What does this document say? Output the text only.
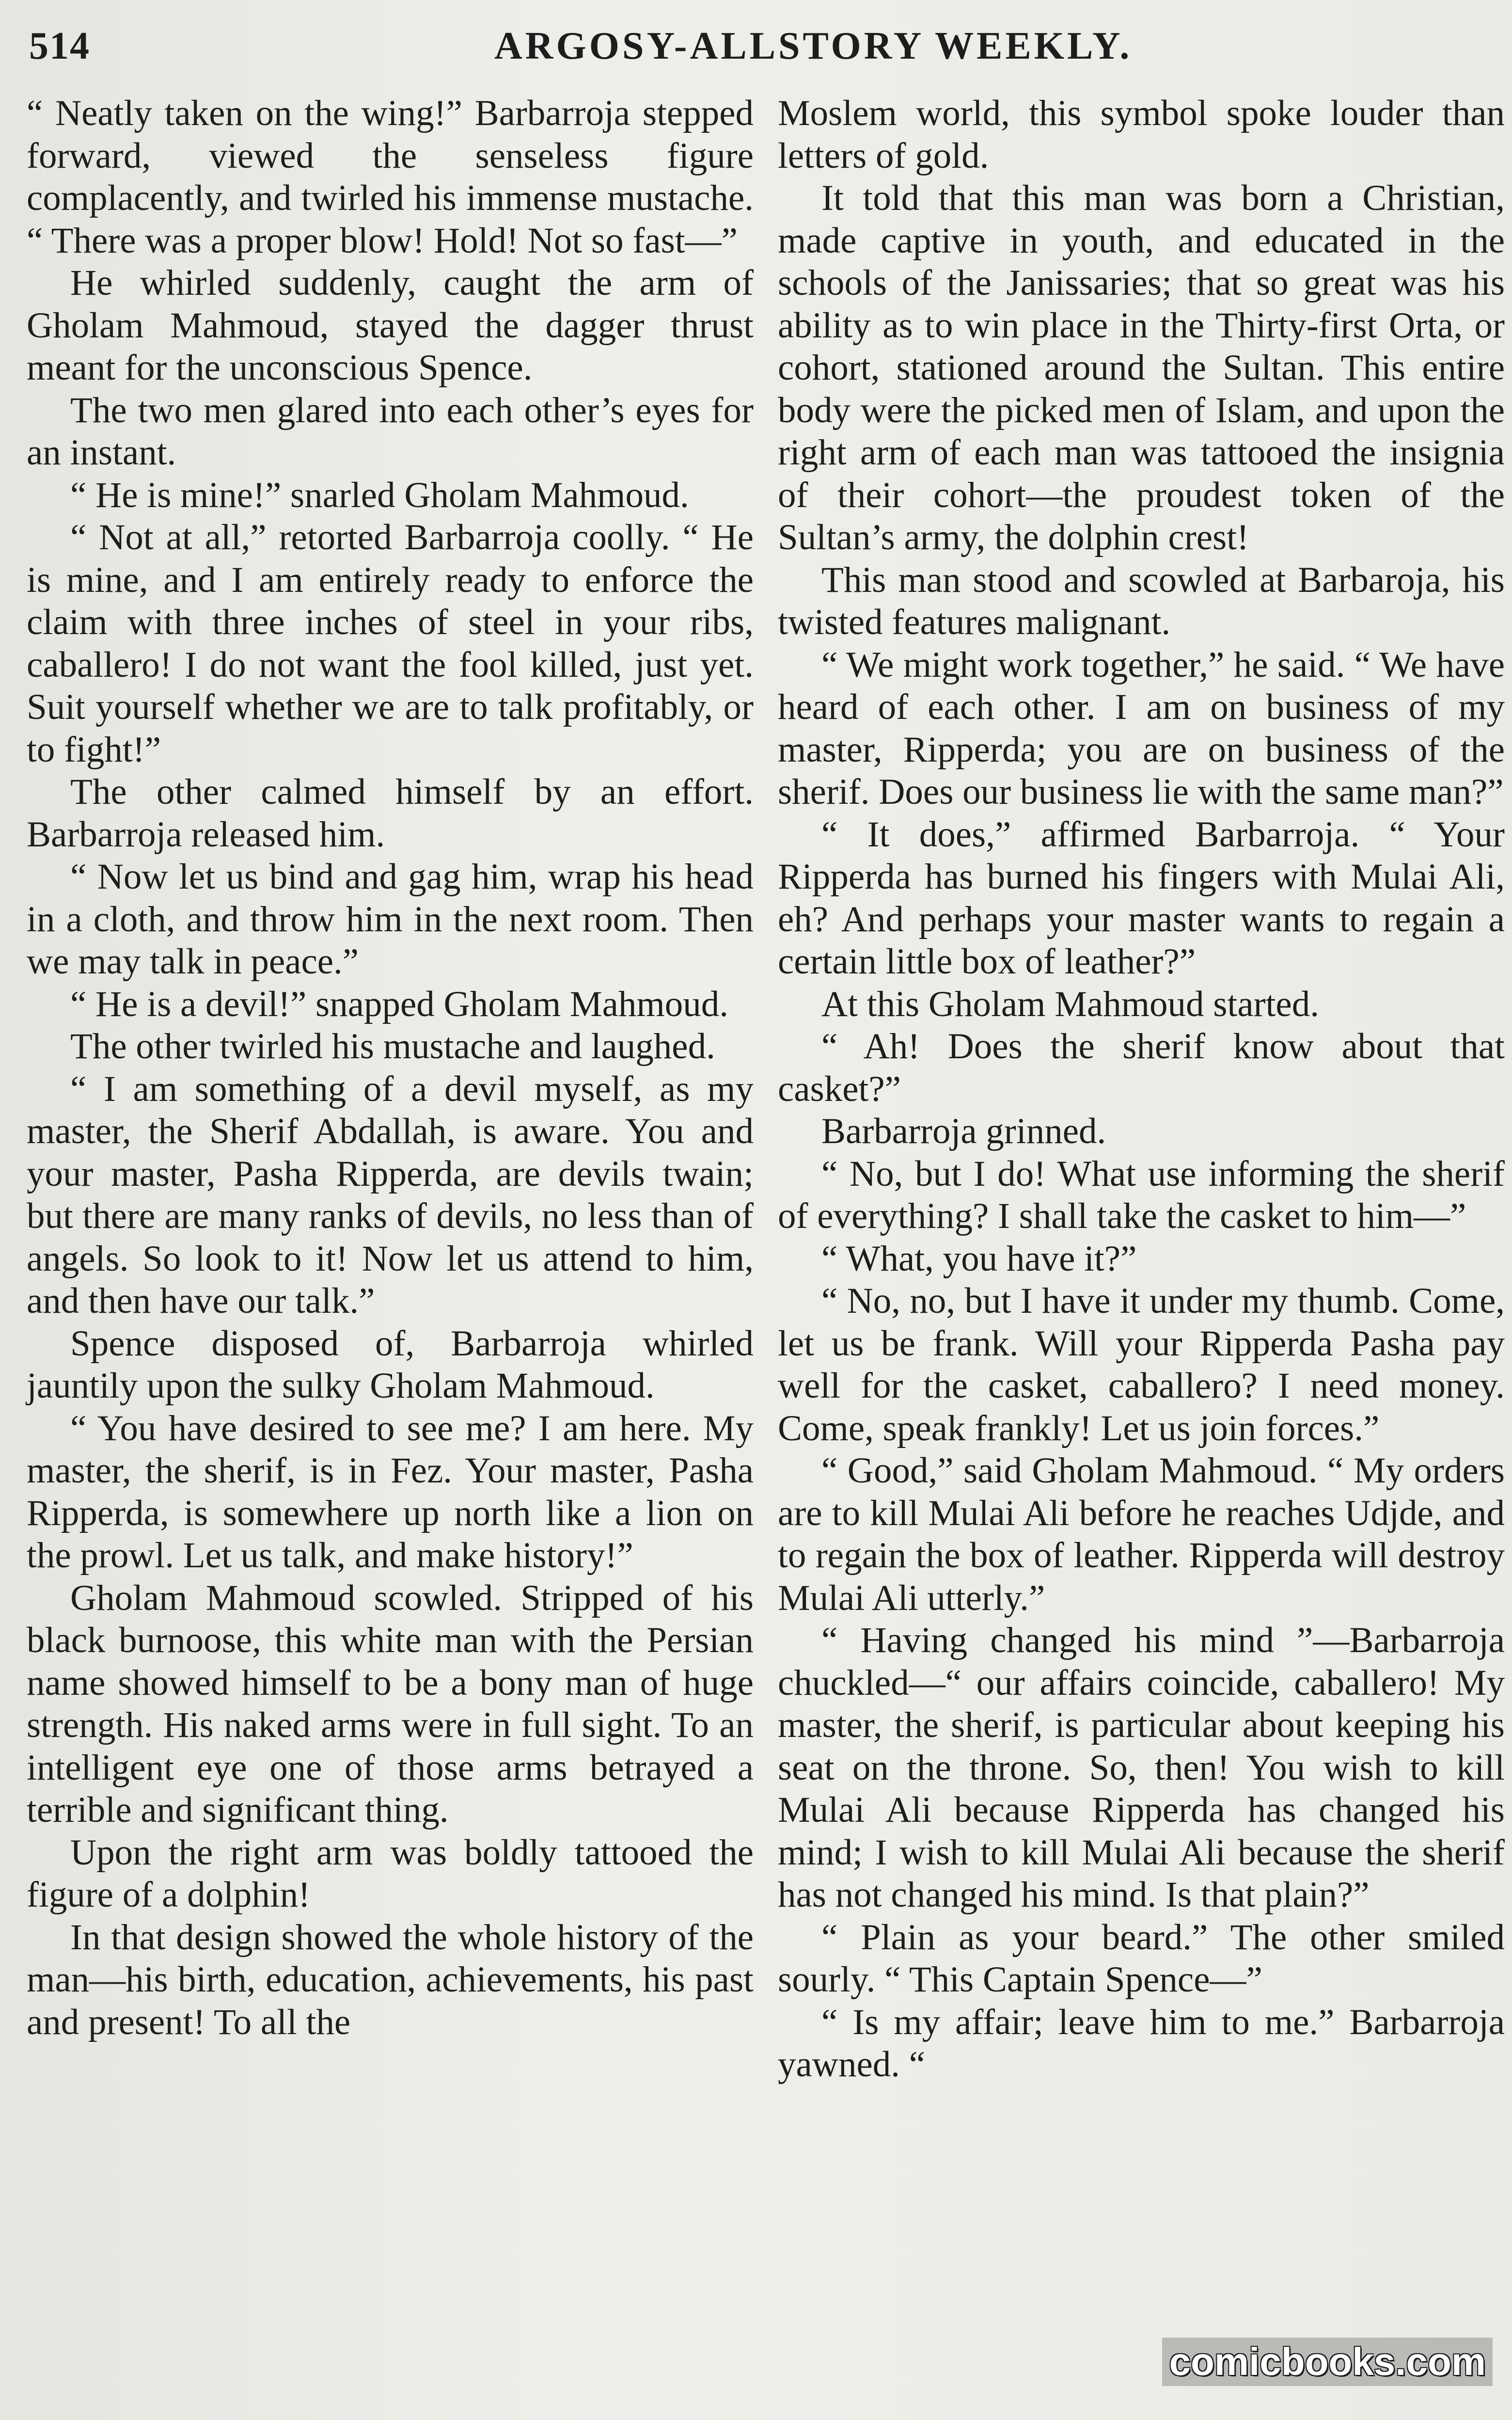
514	ARGOSY-ALLSTORY WEEKLY.

“ Neatly taken on the wing!” Barbarroja stepped forward, viewed the senseless figure complacently, and twirled his immense mustache. “ There was a proper blow! Hold! Not so fast—”

He whirled suddenly, caught the arm of Gholam Mahmoud, stayed the dagger thrust meant for the unconscious Spence.

The two men glared into each other’s eyes for an instant.

“ He is mine!” snarled Gholam Mahmoud.

“ Not at all,” retorted Barbarroja coolly. “ He is mine, and I am entirely ready to enforce the claim with three inches of steel in your ribs, caballero! I do not want the fool killed, just yet. Suit yourself whether we are to talk profitably, or to fight!”

The other calmed himself by an effort. Barbarroja released him.

“ Now let us bind and gag him, wrap his head in a cloth, and throw him in the next room. Then we may talk in peace.”

“ He is a devil!” snapped Gholam Mahmoud.

The other twirled his mustache and laughed.

“ I am something of a devil myself, as my master, the Sherif Abdallah, is aware. You and your master, Pasha Ripperda, are devils twain; but there are many ranks of devils, no less than of angels. So look to it! Now let us attend to him, and then have our talk.”

Spence disposed of, Barbarroja whirled jauntily upon the sulky Gholam Mahmoud.

“ You have desired to see me? I am here. My master, the sherif, is in Fez. Your master, Pasha Ripperda, is somewhere up north like a lion on the prowl. Let us talk, and make history!”

Gholam Mahmoud scowled. Stripped of his black burnoose, this white man with the Persian name showed himself to be a bony man of huge strength. His naked arms were in full sight. To an intelligent eye one of those arms betrayed a terrible and significant thing.

Upon the right arm was boldly tattooed the figure of a dolphin!

In that design showed the whole history of the man—his birth, education, achievements, his past and present! To all the

Moslem world, this symbol spoke louder than letters of gold.

It told that this man was born a Christian, made captive in youth, and educated in the schools of the Janissaries; that so great was his ability as to win place in the Thirty-first Orta, or cohort, stationed around the Sultan. This entire body were the picked men of Islam, and upon the right arm of each man was tattooed the insignia of their cohort—the proudest token of the Sultan’s army, the dolphin crest!

This man stood and scowled at Barbaroja, his twisted features malignant.

“ We might work together,” he said. “ We have heard of each other. I am on business of my master, Ripperda; you are on business of the sherif. Does our business lie with the same man?”

“ It does,” affirmed Barbarroja. “ Your Ripperda has burned his fingers with Mulai Ali, eh? And perhaps your master wants to regain a certain little box of leather?”

At this Gholam Mahmoud started.

“ Ah! Does the sherif know about that casket?”

Barbarroja grinned.

“ No, but I do! What use informing the sherif of everything? I shall take the casket to him—”

“ What, you have it?”

“ No, no, but I have it under my thumb. Come, let us be frank. Will your Ripperda Pasha pay well for the casket, caballero? I need money. Come, speak frankly! Let us join forces.”

“ Good,” said Gholam Mahmoud. “ My orders are to kill Mulai Ali before he reaches Udjde, and to regain the box of leather. Ripperda will destroy Mulai Ali utterly.”

“ Having changed his mind ”—Barbarroja chuckled—“ our affairs coincide, caballero! My master, the sherif, is particular about keeping his seat on the throne. So, then! You wish to kill Mulai Ali because Ripperda has changed his mind; I wish to kill Mulai Ali because the sherif has not changed his mind. Is that plain?”

“ Plain as your beard.” The other smiled sourly. “ This Captain Spence—”

“ Is my affair; leave him to me.” Barbarroja yawned. “

comicbooks.com
